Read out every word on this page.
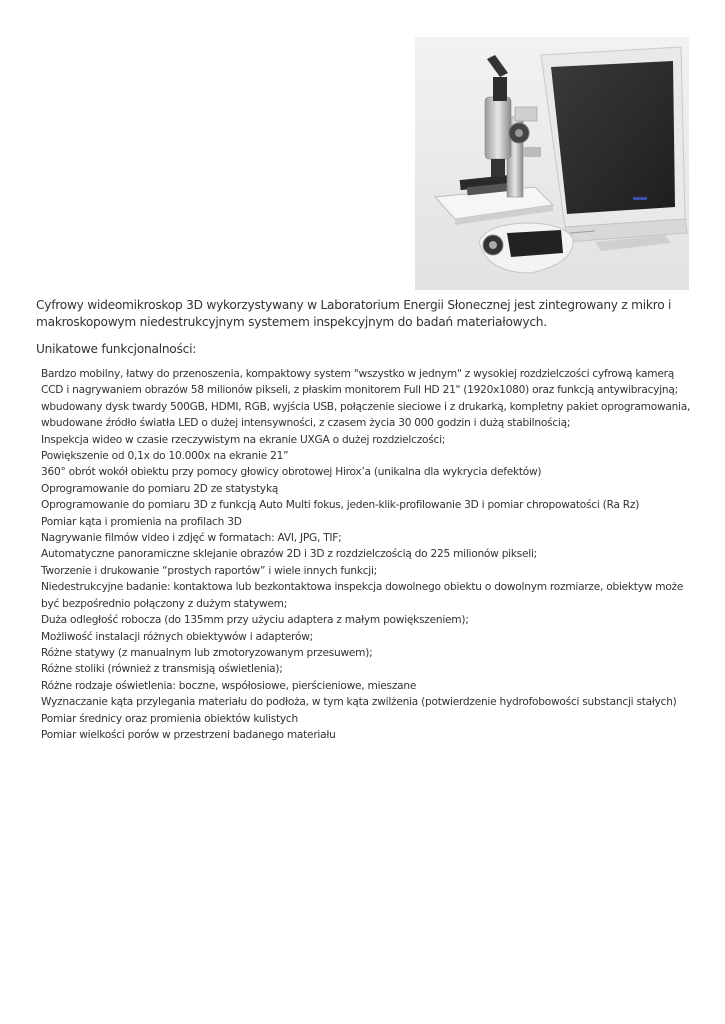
Cyfrowy wideomikroskop 3D wykorzystywany w Laboratorium Energii Słonecznej jest zintegrowany z mikro i makroskopowym niedestrukcyjnym systemem inspekcyjnym do badań materiałowych.

Unikatowe funkcjonalności:

Bardzo mobilny, łatwy do przenoszenia, kompaktowy system "wszystko w jednym" z wysokiej rozdzielczości cyfrową kamerą CCD i nagrywaniem obrazów 58 milionów pikseli, z płaskim monitorem Full HD 21" (1920x1080) oraz funkcją antywibracyjną; wbudowany dysk twardy 500GB, HDMI, RGB, wyjścia USB, połączenie sieciowe i z drukarką, kompletny pakiet oprogramowania, wbudowane źródło światła LED o dużej intensywności, z czasem życia 30 000 godzin i dużą stabilnością;
Inspekcja wideo w czasie rzeczywistym na ekranie UXGA o dużej rozdzielczości;
Powiększenie od 0,1x do 10.000x na ekranie 21”
360° obrót wokół obiektu przy pomocy głowicy obrotowej Hirox’a (unikalna dla wykrycia defektów)
Oprogramowanie do pomiaru 2D ze statystyką
Oprogramowanie do pomiaru 3D z funkcją Auto Multi fokus, jeden-klik-profilowanie 3D i pomiar chropowatości (Ra Rz)
Pomiar kąta i promienia na profilach 3D
Nagrywanie filmów video i zdjęć w formatach: AVI, JPG, TIF;
Automatyczne panoramiczne sklejanie obrazów 2D i 3D z rozdzielczością do 225 milionów pikseli;
Tworzenie i drukowanie “prostych raportów” i wiele innych funkcji;
Niedestrukcyjne badanie: kontaktowa lub bezkontaktowa inspekcja dowolnego obiektu o dowolnym rozmiarze, obiektyw może być bezpośrednio połączony z dużym statywem;
Duża odległość robocza (do 135mm przy użyciu adaptera z małym powiększeniem);
Możliwość instalacji różnych obiektywów i adapterów;
Różne statywy (z manualnym lub zmotoryzowanym przesuwem);
Różne stoliki (również z transmisją oświetlenia);
Różne rodzaje oświetlenia: boczne, współosiowe, pierścieniowe, mieszane
Wyznaczanie kąta przylegania materiału do podłoża, w tym kąta zwilżenia (potwierdzenie hydrofobowości substancji stałych)
Pomiar średnicy oraz promienia obiektów kulistych
Pomiar wielkości porów w przestrzeni badanego materiału
